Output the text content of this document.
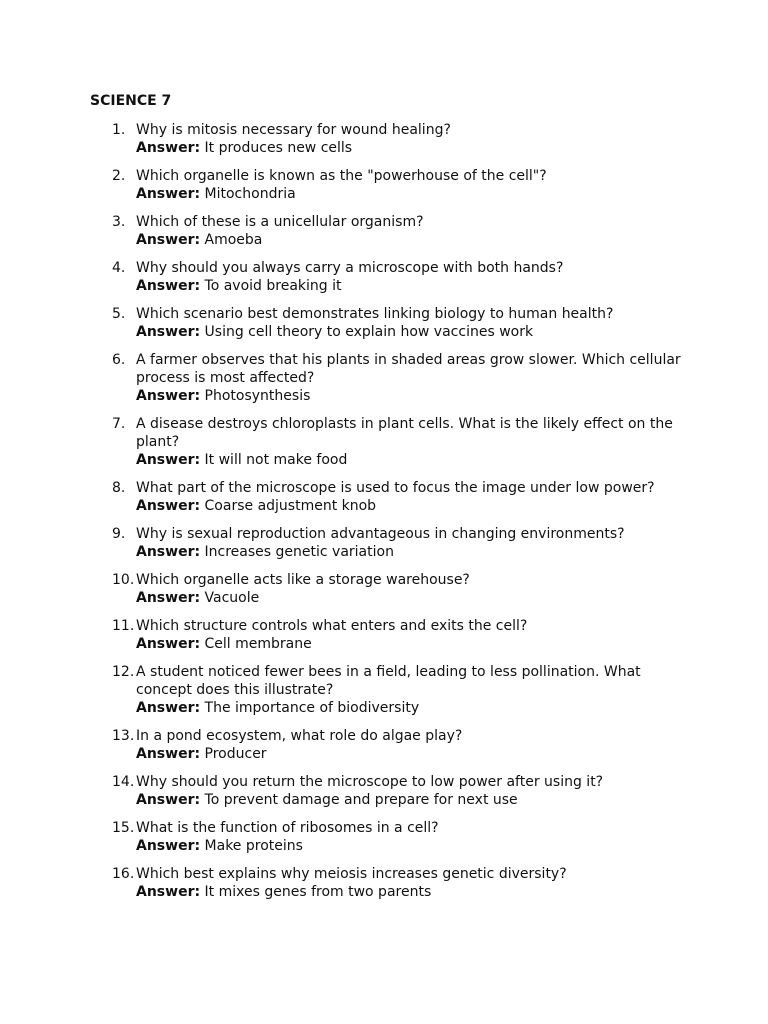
SCIENCE 7
1. Why is mitosis necessary for wound healing?
Answer: It produces new cells
2. Which organelle is known as the "powerhouse of the cell"?
Answer: Mitochondria
3. Which of these is a unicellular organism?
Answer: Amoeba
4. Why should you always carry a microscope with both hands?
Answer: To avoid breaking it
5. Which scenario best demonstrates linking biology to human health?
Answer: Using cell theory to explain how vaccines work
6. A farmer observes that his plants in shaded areas grow slower. Which cellular process is most affected?
Answer: Photosynthesis
7. A disease destroys chloroplasts in plant cells. What is the likely effect on the plant?
Answer: It will not make food
8. What part of the microscope is used to focus the image under low power?
Answer: Coarse adjustment knob
9. Why is sexual reproduction advantageous in changing environments?
Answer: Increases genetic variation
10. Which organelle acts like a storage warehouse?
Answer: Vacuole
11. Which structure controls what enters and exits the cell?
Answer: Cell membrane
12. A student noticed fewer bees in a field, leading to less pollination. What concept does this illustrate?
Answer: The importance of biodiversity
13. In a pond ecosystem, what role do algae play?
Answer: Producer
14. Why should you return the microscope to low power after using it?
Answer: To prevent damage and prepare for next use
15. What is the function of ribosomes in a cell?
Answer: Make proteins
16. Which best explains why meiosis increases genetic diversity?
Answer: It mixes genes from two parents
